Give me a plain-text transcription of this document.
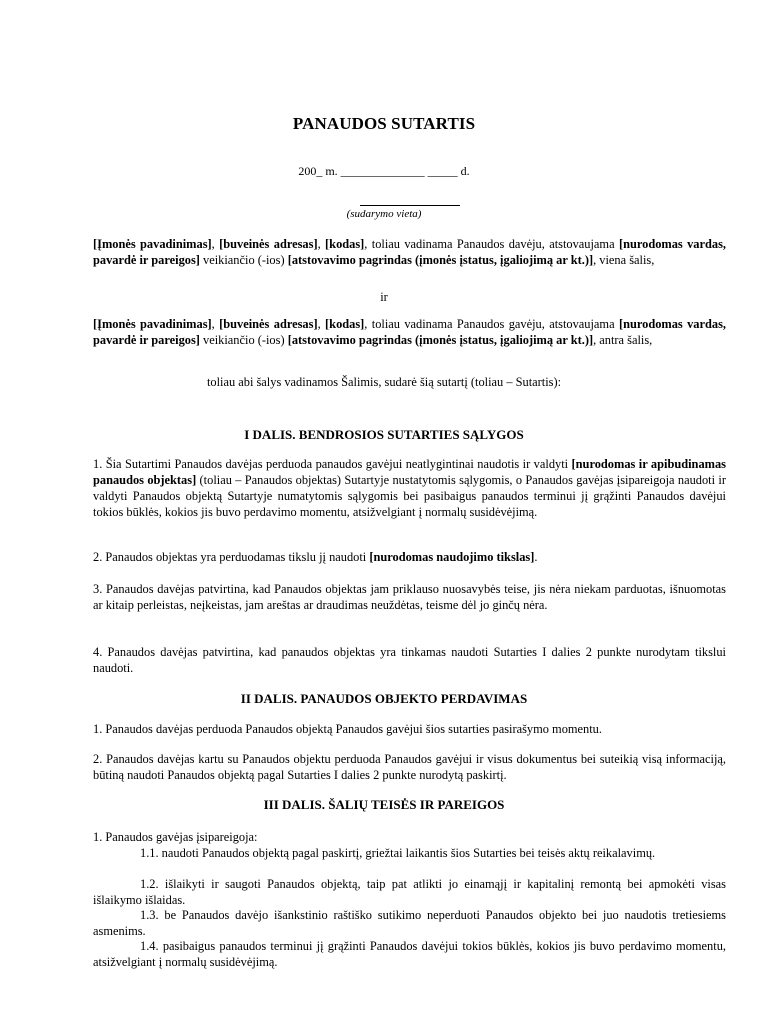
PANAUDOS SUTARTIS
200_ m. ______________ _____ d.
(sudarymo vieta)
[Įmonės pavadinimas], [buveinės adresas], [kodas], toliau vadinama Panaudos davėju, atstovaujama [nurodomas vardas, pavardė ir pareigos] veikiančio (-ios) [atstovavimo pagrindas (įmonės įstatus, įgaliojimą ar kt.)], viena šalis,
ir
[Įmonės pavadinimas], [buveinės adresas], [kodas], toliau vadinama Panaudos gavėju, atstovaujama [nurodomas vardas, pavardė ir pareigos] veikiančio (-ios) [atstovavimo pagrindas (įmonės įstatus, įgaliojimą ar kt.)], antra šalis,
toliau abi šalys vadinamos Šalimis, sudarė šią sutartį (toliau – Sutartis):
I DALIS. BENDROSIOS SUTARTIES SĄLYGOS
1. Šia Sutartimi Panaudos davėjas perduoda panaudos gavėjui neatlygintinai naudotis ir valdyti [nurodomas ir apibudinamas panaudos objektas] (toliau – Panaudos objektas) Sutartyje nustatytomis sąlygomis, o Panaudos gavėjas įsipareigoja naudoti ir valdyti Panaudos objektą Sutartyje numatytomis sąlygomis bei pasibaigus panaudos terminui jį grąžinti Panaudos davėjui tokios būklės, kokios jis buvo perdavimo momentu, atsižvelgiant į normalų susidėvėjimą.
2. Panaudos objektas yra perduodamas tikslu jį naudoti [nurodomas naudojimo tikslas].
3. Panaudos davėjas patvirtina, kad Panaudos objektas jam priklauso nuosavybės teise, jis nėra niekam parduotas, išnuomotas ar kitaip perleistas, neįkeistas, jam areštas ar draudimas neuždėtas, teisme dėl jo ginčų nėra.
4. Panaudos davėjas patvirtina, kad panaudos objektas yra tinkamas naudoti Sutarties I dalies 2 punkte nurodytam tikslui naudoti.
II DALIS. PANAUDOS OBJEKTO PERDAVIMAS
1. Panaudos davėjas perduoda Panaudos objektą Panaudos gavėjui šios sutarties pasirašymo momentu.
2. Panaudos davėjas kartu su Panaudos objektu perduoda Panaudos gavėjui ir visus dokumentus bei suteikią visą informaciją, būtiną naudoti Panaudos objektą pagal Sutarties I dalies 2 punkte nurodytą paskirtį.
III DALIS. ŠALIŲ TEISĖS IR PAREIGOS
1. Panaudos gavėjas įsipareigoja:
1.1. naudoti Panaudos objektą pagal paskirtį, griežtai laikantis šios Sutarties bei teisės aktų reikalavimų.
1.2. išlaikyti ir saugoti Panaudos objektą, taip pat atlikti jo einamąjį ir kapitalinį remontą bei apmokėti visas išlaikymo išlaidas.
1.3. be Panaudos davėjo išankstinio raštiško sutikimo neperduoti Panaudos objekto bei juo naudotis tretiesiems asmenims.
1.4. pasibaigus panaudos terminui jį grąžinti Panaudos davėjui tokios būklės, kokios jis buvo perdavimo momentu, atsižvelgiant į normalų susidėvėjimą.
